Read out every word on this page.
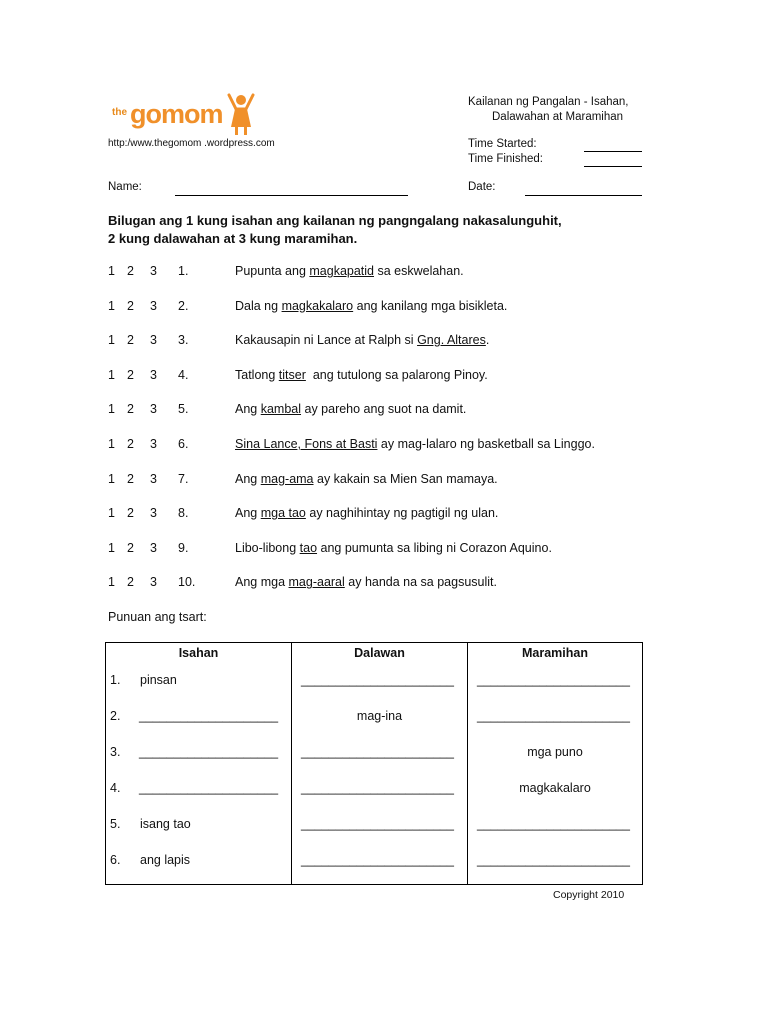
the gomom
http:/www.thegomom .wordpress.com
Kailanan ng Pangalan - Isahan,
Dalawahan at Maramihan
Time Started:
Time Finished:
Name:	Date:
Bilugan ang 1 kung isahan ang kailanan ng pangngalang nakasalunguhit,
2 kung dalawahan at 3 kung maramihan.
1 2 3 1.	Pupunta ang magkapatid sa eskwelahan.
1 2 3 2.	Dala ng magkakalaro ang kanilang mga bisikleta.
1 2 3 3.	Kakausapin ni Lance at Ralph si Gng. Altares.
1 2 3 4.	Tatlong titser  ang tutulong sa palarong Pinoy.
1 2 3 5.	Ang kambal ay pareho ang suot na damit.
1 2 3 6.	Sina Lance, Fons at Basti ay mag-lalaro ng basketball sa Linggo.
1 2 3 7.	Ang mag-ama ay kakain sa Mien San mamaya.
1 2 3 8.	Ang mga tao ay naghihintay ng pagtigil ng ulan.
1 2 3 9.	Libo-libong tao ang pumunta sa libing ni Corazon Aquino.
1 2 3 10.	Ang mga mag-aaral ay handa na sa pagsusulit.
Punuan ang tsart:
Isahan	Dalawan	Maramihan

1. pinsan	______________________	______________________

2. ____________________	mag-ina	______________________

3. ____________________	______________________	mga puno

4. ____________________	______________________	magkakalaro

5. isang tao	______________________	______________________

6. ang lapis	______________________	______________________
Copyright 2010
